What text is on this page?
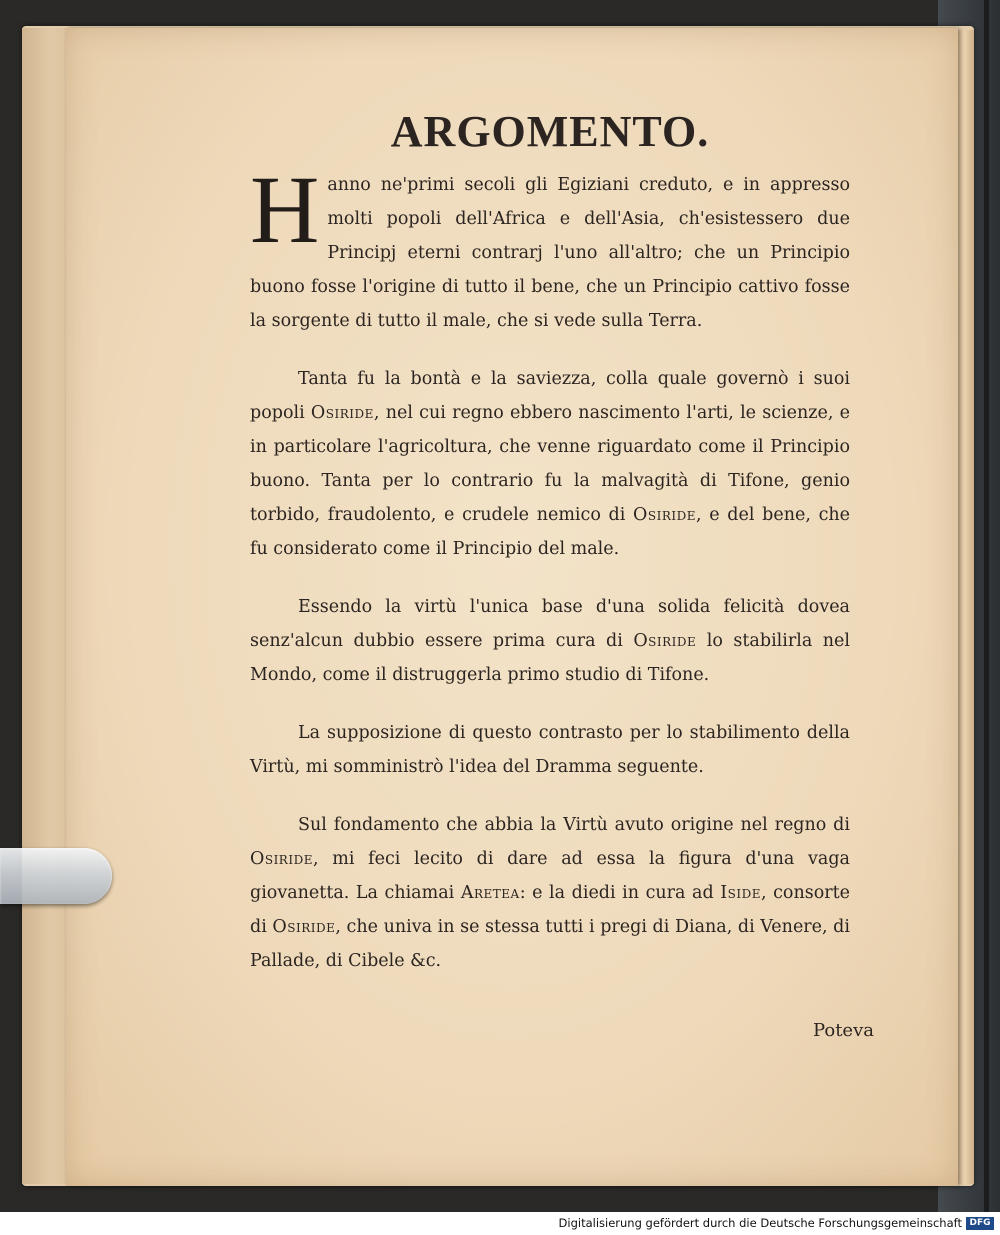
ARGOMENTO.

Hanno ne'primi secoli gli Egiziani creduto, e in appresso molti popoli dell'Africa e dell'Asia, ch'esistessero due Principj eterni contrarj l'uno all'altro; che un Principio buono fosse l'origine di tutto il bene, che un Principio cattivo fosse la sorgente di tutto il male, che si vede sulla Terra.

Tanta fu la bontà e la saviezza, colla quale governò i suoi popoli Osiride, nel cui regno ebbero nascimento l'arti, le scienze, e in particolare l'agricoltura, che venne riguardato come il Principio buono. Tanta per lo contrario fu la malvagità di Tifone, genio torbido, fraudolento, e crudele nemico di Osiride, e del bene, che fu considerato come il Principio del male.

Essendo la virtù l'unica base d'una solida felicità dovea senz'alcun dubbio essere prima cura di Osiride lo stabilirla nel Mondo, come il distruggerla primo studio di Tifone.

La supposizione di questo contrasto per lo stabilimento della Virtù, mi somministrò l'idea del Dramma seguente.

Sul fondamento che abbia la Virtù avuto origine nel regno di Osiride, mi feci lecito di dare ad essa la figura d'una vaga giovanetta. La chiamai Aretea: e la diedi in cura ad Iside, consorte di Osiride, che univa in se stessa tutti i pregi di Diana, di Venere, di Pallade, di Cibele &c.

Poteva
Digitalisierung gefördert durch die Deutsche Forschungsgemeinschaft DFG
